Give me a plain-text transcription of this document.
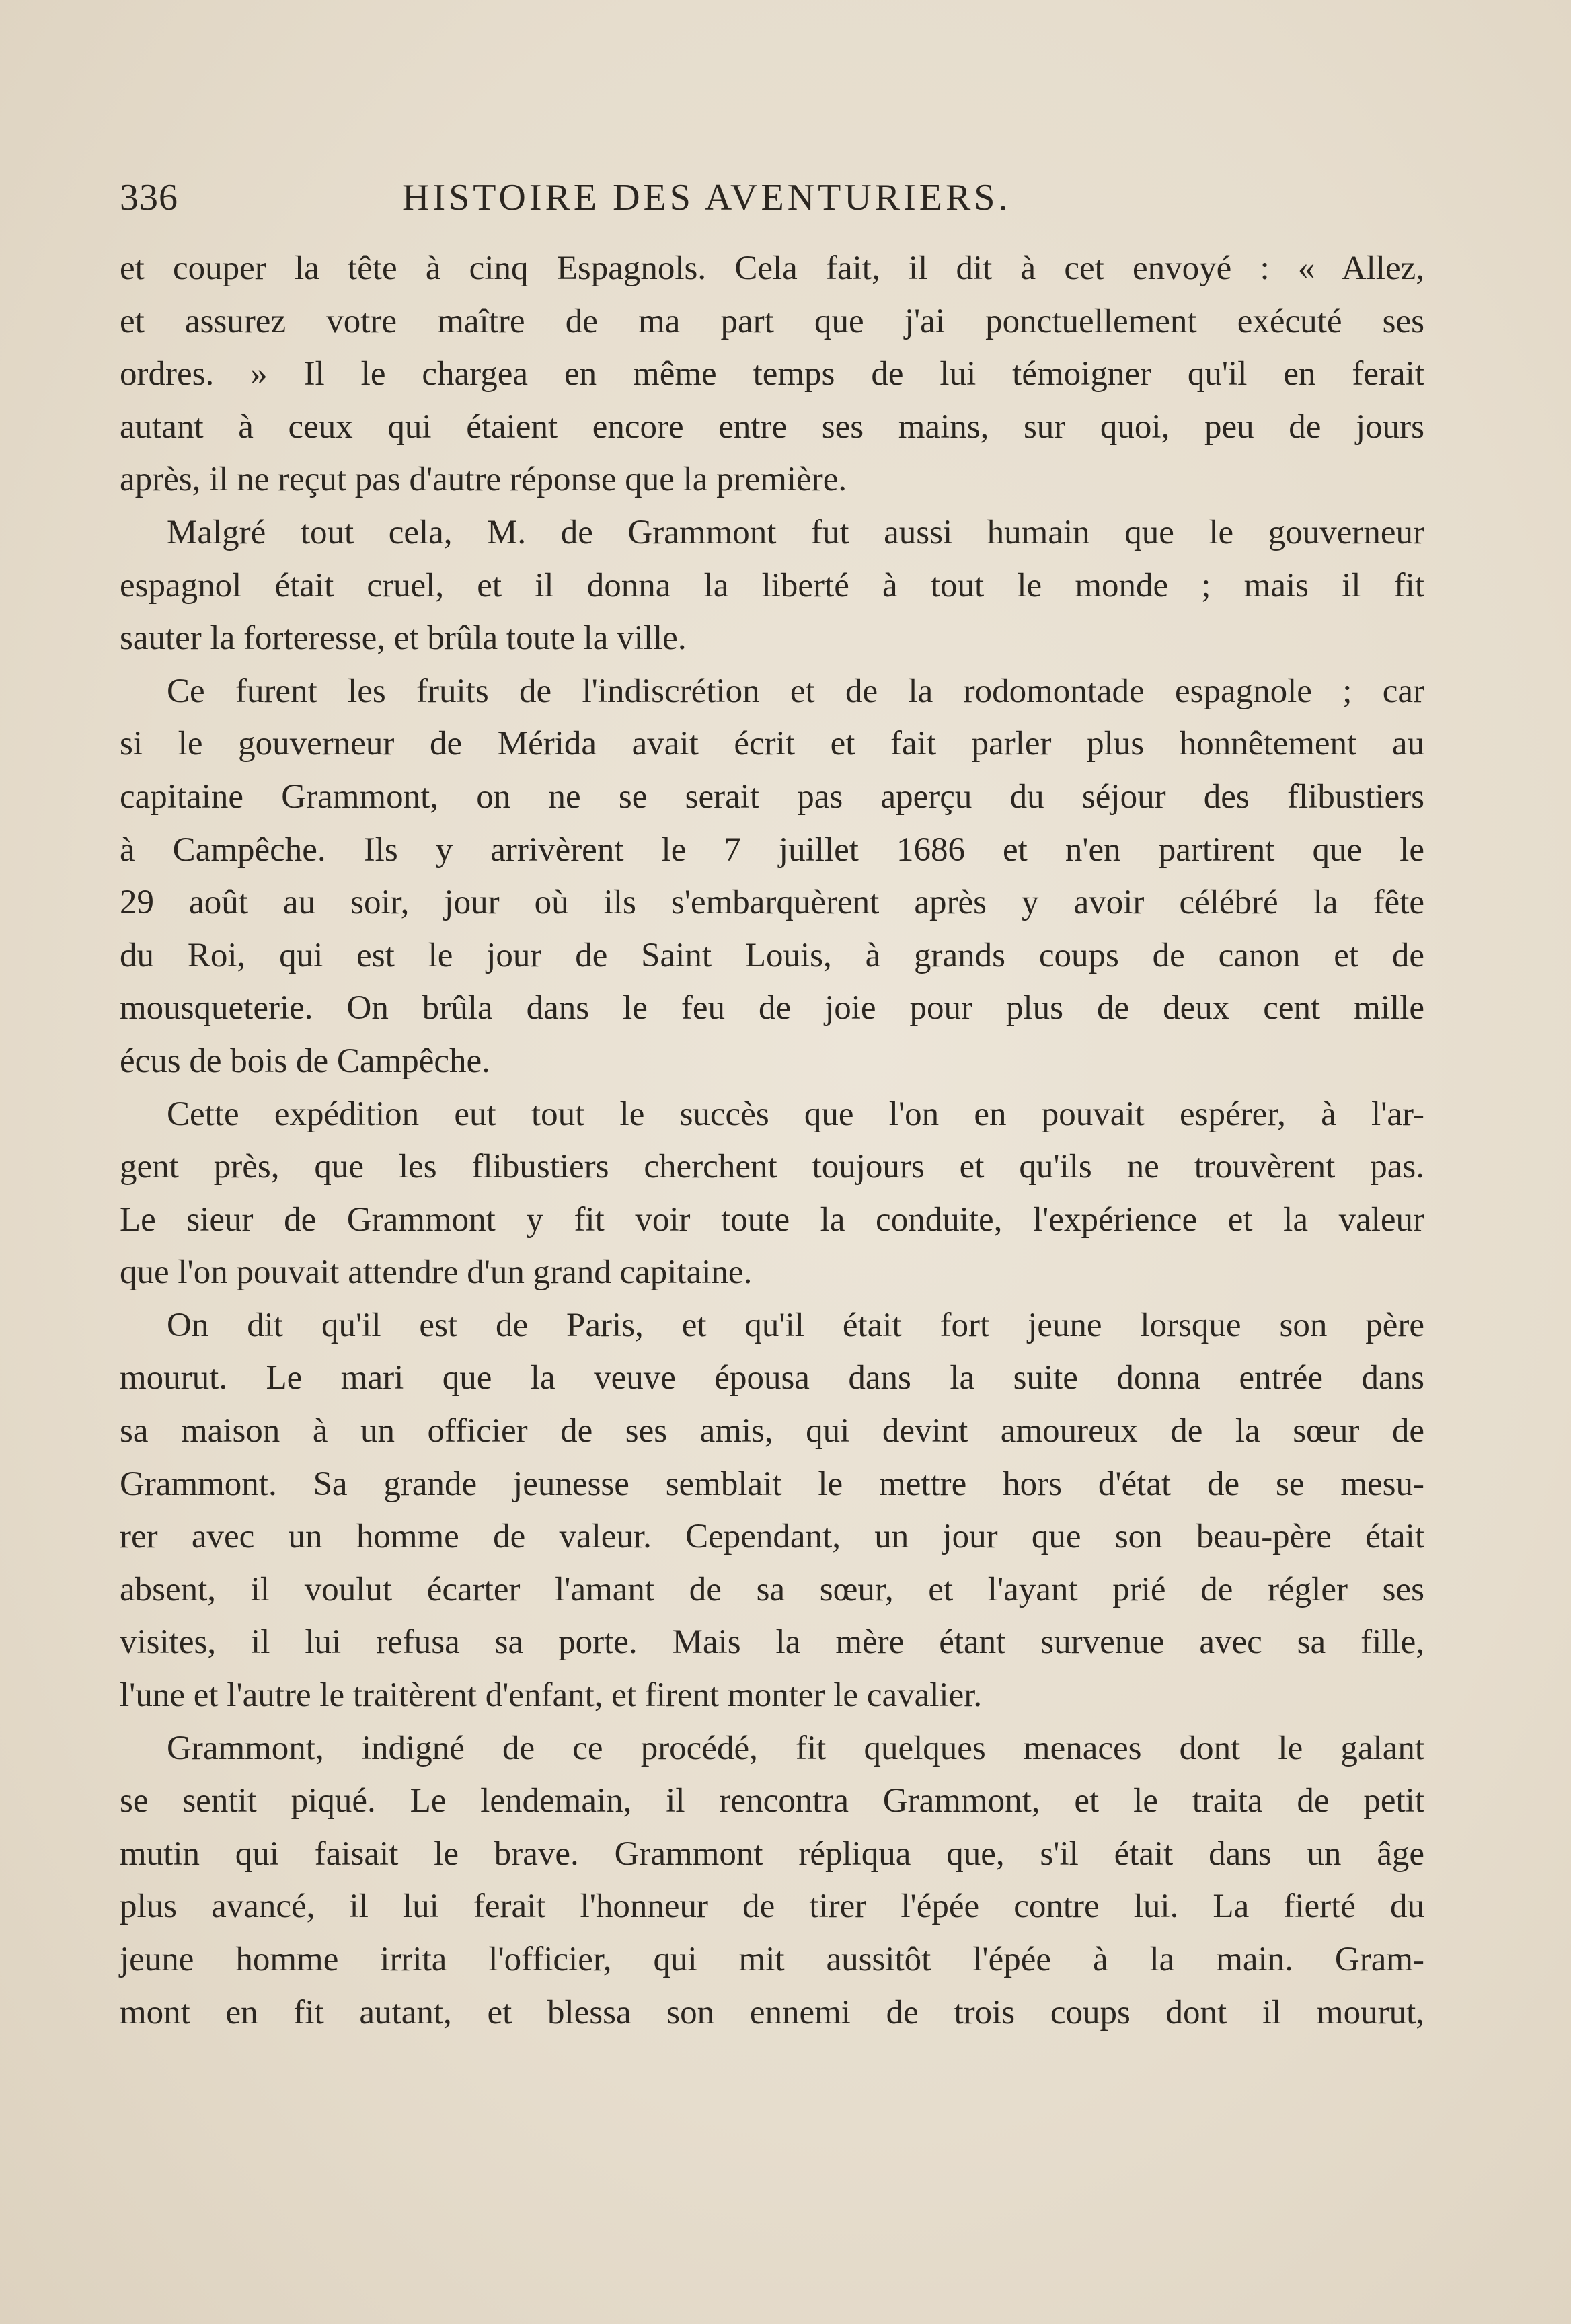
336	HISTOIRE DES AVENTURIERS.
et couper la tête à cinq Espagnols. Cela fait, il dit à cet envoyé : « Allez,
et assurez votre maître de ma part que j'ai ponctuellement exécuté ses
ordres. » Il le chargea en même temps de lui témoigner qu'il en ferait
autant à ceux qui étaient encore entre ses mains, sur quoi, peu de jours
après, il ne reçut pas d'autre réponse que la première.
Malgré tout cela, M. de Grammont fut aussi humain que le gouverneur
espagnol était cruel, et il donna la liberté à tout le monde ; mais il fit
sauter la forteresse, et brûla toute la ville.
Ce furent les fruits de l'indiscrétion et de la rodomontade espagnole ; car
si le gouverneur de Mérida avait écrit et fait parler plus honnêtement au
capitaine Grammont, on ne se serait pas aperçu du séjour des flibustiers
à Campêche. Ils y arrivèrent le 7 juillet 1686 et n'en partirent que le
29 août au soir, jour où ils s'embarquèrent après y avoir célébré la fête
du Roi, qui est le jour de Saint Louis, à grands coups de canon et de
mousqueterie. On brûla dans le feu de joie pour plus de deux cent mille
écus de bois de Campêche.
Cette expédition eut tout le succès que l'on en pouvait espérer, à l'ar-
gent près, que les flibustiers cherchent toujours et qu'ils ne trouvèrent pas.
Le sieur de Grammont y fit voir toute la conduite, l'expérience et la valeur
que l'on pouvait attendre d'un grand capitaine.
On dit qu'il est de Paris, et qu'il était fort jeune lorsque son père
mourut. Le mari que la veuve épousa dans la suite donna entrée dans
sa maison à un officier de ses amis, qui devint amoureux de la sœur de
Grammont. Sa grande jeunesse semblait le mettre hors d'état de se mesu-
rer avec un homme de valeur. Cependant, un jour que son beau-père était
absent, il voulut écarter l'amant de sa sœur, et l'ayant prié de régler ses
visites, il lui refusa sa porte. Mais la mère étant survenue avec sa fille,
l'une et l'autre le traitèrent d'enfant, et firent monter le cavalier.
Grammont, indigné de ce procédé, fit quelques menaces dont le galant
se sentit piqué. Le lendemain, il rencontra Grammont, et le traita de petit
mutin qui faisait le brave. Grammont répliqua que, s'il était dans un âge
plus avancé, il lui ferait l'honneur de tirer l'épée contre lui. La fierté du
jeune homme irrita l'officier, qui mit aussitôt l'épée à la main. Gram-
mont en fit autant, et blessa son ennemi de trois coups dont il mourut,
